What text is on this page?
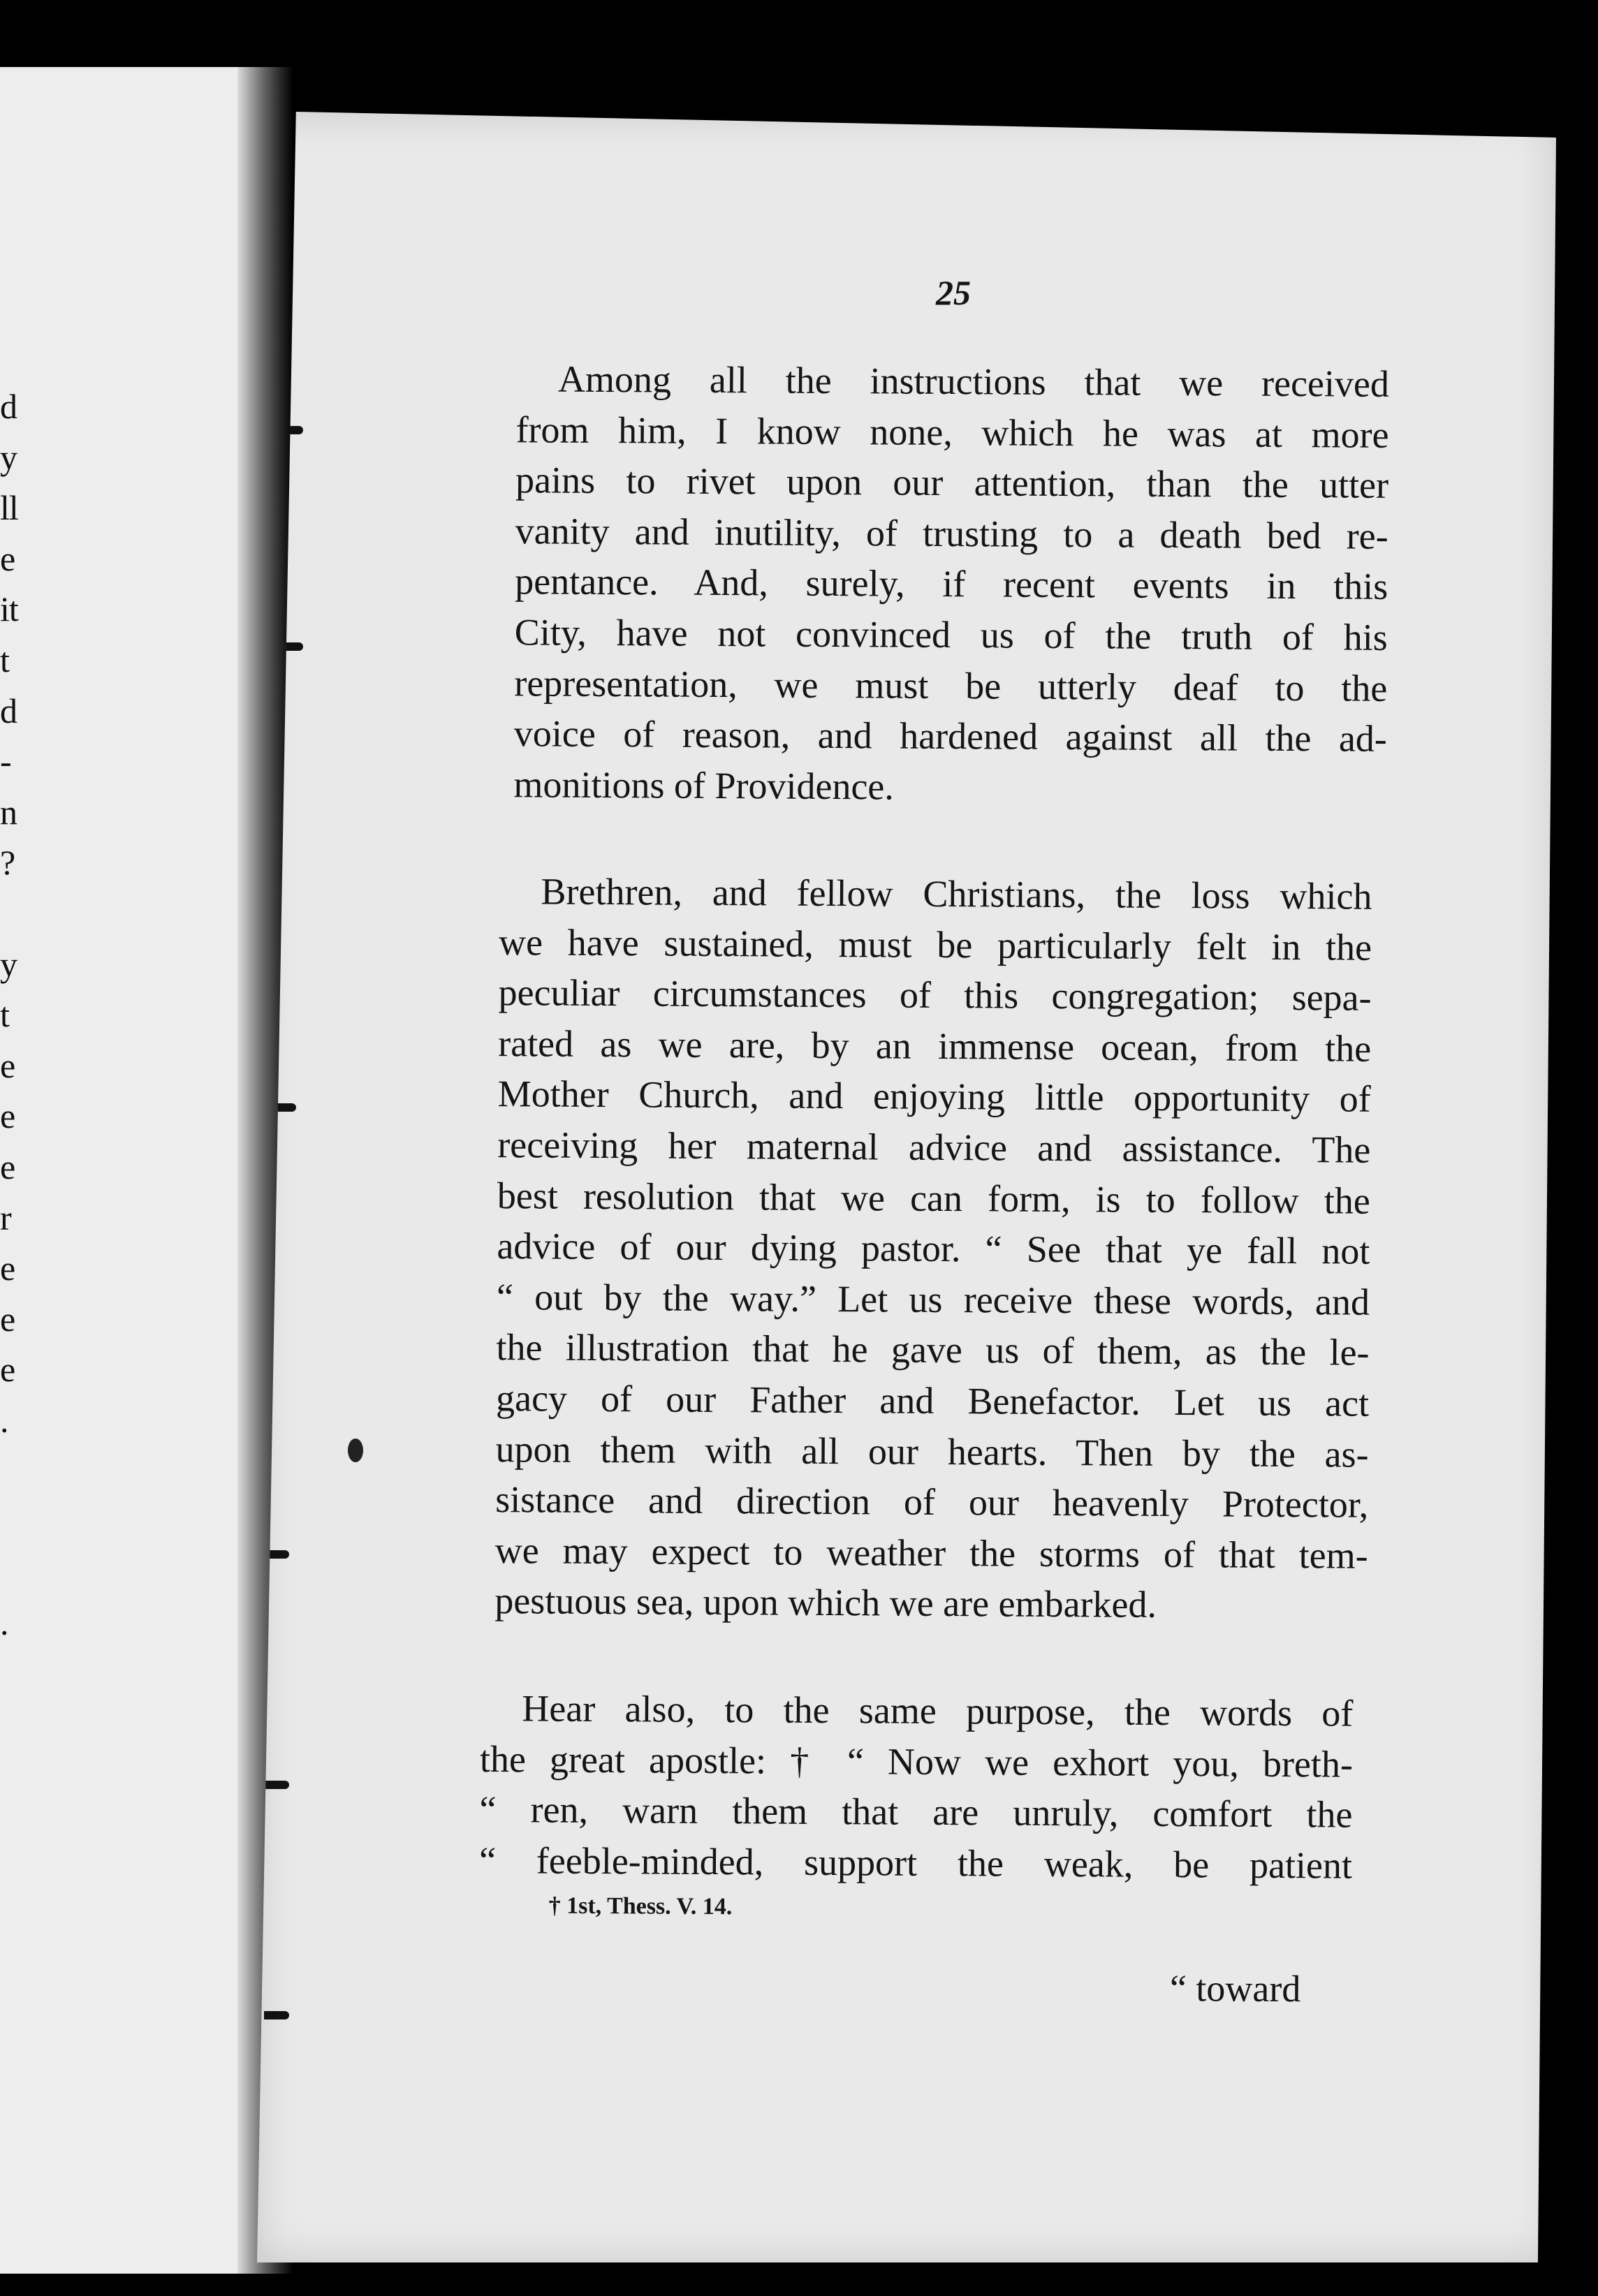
d
y
ll
e
it
t
d
-
n
?
y
t
e
e
e
r
e
e
e
.
.
25
Among all the instructions that we received
from him, I know none, which he was at more
pains to rivet upon our attention, than the utter
vanity and inutility, of trusting to a death bed re-
pentance. And, surely, if recent events in this
City, have not convinced us of the truth of his
representation, we must be utterly deaf to the
voice of reason, and hardened against all the ad-
monitions of Providence.
Brethren, and fellow Christians, the loss which
we have sustained, must be particularly felt in the
peculiar circumstances of this congregation; sepa-
rated as we are, by an immense ocean, from the
Mother Church, and enjoying little opportunity of
receiving her maternal advice and assistance. The
best resolution that we can form, is to follow the
advice of our dying pastor. “ See that ye fall not
“ out by the way.” Let us receive these words, and
the illustration that he gave us of them, as the le-
gacy of our Father and Benefactor. Let us act
upon them with all our hearts. Then by the as-
sistance and direction of our heavenly Protector,
we may expect to weather the storms of that tem-
pestuous sea, upon which we are embarked.
Hear also, to the same purpose, the words of
the great apostle: † “ Now we exhort you, breth-
“ ren, warn them that are unruly, comfort the
“ feeble-minded, support the weak, be patient
† 1st, Thess. V. 14.
“ toward
